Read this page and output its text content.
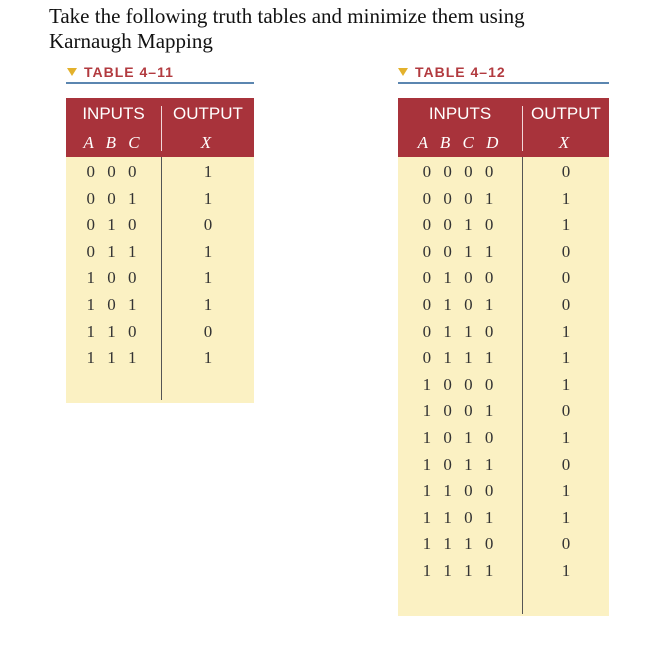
Take the following truth tables and minimize them using
Karnaugh Mapping
TABLE 4–11
INPUTS	OUTPUT
A B C	X
0 0 0	1
0 0 1	1
0 1 0	0
0 1 1	1
1 0 0	1
1 0 1	1
1 1 0	0
1 1 1	1
TABLE 4–12
INPUTS	OUTPUT
A B C D	X
0 0 0 0	0
0 0 0 1	1
0 0 1 0	1
0 0 1 1	0
0 1 0 0	0
0 1 0 1	0
0 1 1 0	1
0 1 1 1	1
1 0 0 0	1
1 0 0 1	0
1 0 1 0	1
1 0 1 1	0
1 1 0 0	1
1 1 0 1	1
1 1 1 0	0
1 1 1 1	1
